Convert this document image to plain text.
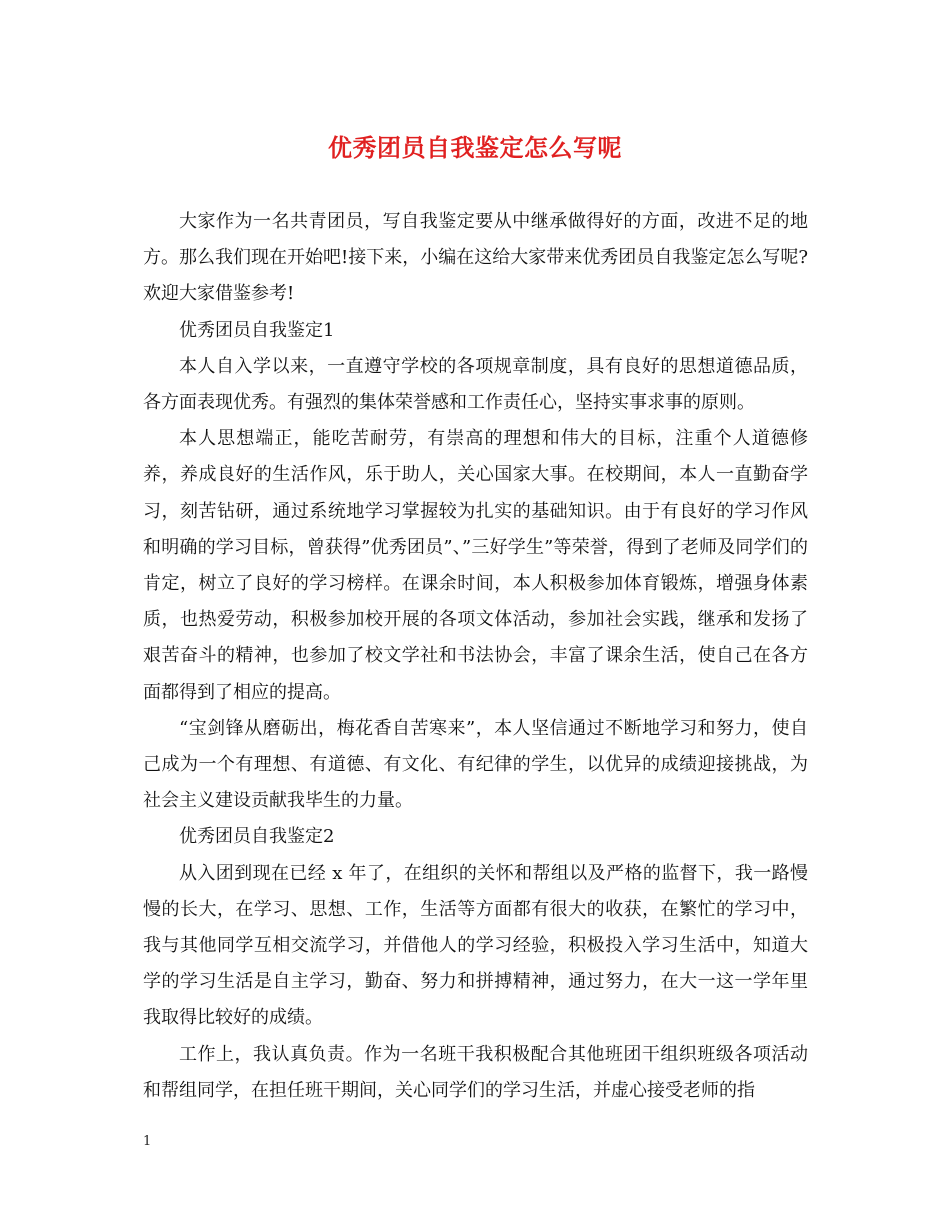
优秀团员自我鉴定怎么写呢

大家作为一名共青团员，写自我鉴定要从中继承做得好的方面，改进不足的地方。那么我们现在开始吧!接下来，小编在这给大家带来优秀团员自我鉴定怎么写呢?欢迎大家借鉴参考!

优秀团员自我鉴定1

本人自入学以来，一直遵守学校的各项规章制度，具有良好的思想道德品质，各方面表现优秀。有强烈的集体荣誉感和工作责任心，坚持实事求事的原则。

本人思想端正，能吃苦耐劳，有崇高的理想和伟大的目标，注重个人道德修养，养成良好的生活作风，乐于助人，关心国家大事。在校期间，本人一直勤奋学习，刻苦钻研，通过系统地学习掌握较为扎实的基础知识。由于有良好的学习作风和明确的学习目标，曾获得”优秀团员”、”三好学生”等荣誉，得到了老师及同学们的肯定，树立了良好的学习榜样。在课余时间，本人积极参加体育锻炼，增强身体素质，也热爱劳动，积极参加校开展的各项文体活动，参加社会实践，继承和发扬了艰苦奋斗的精神，也参加了校文学社和书法协会，丰富了课余生活，使自己在各方面都得到了相应的提高。

“宝剑锋从磨砺出，梅花香自苦寒来”，本人坚信通过不断地学习和努力，使自己成为一个有理想、有道德、有文化、有纪律的学生，以优异的成绩迎接挑战，为社会主义建设贡献我毕生的力量。

优秀团员自我鉴定2

从入团到现在已经 x 年了，在组织的关怀和帮组以及严格的监督下，我一路慢慢的长大，在学习、思想、工作，生活等方面都有很大的收获，在繁忙的学习中，我与其他同学互相交流学习，并借他人的学习经验，积极投入学习生活中，知道大学的学习生活是自主学习，勤奋、努力和拼搏精神，通过努力，在大一这一学年里我取得比较好的成绩。

工作上，我认真负责。作为一名班干我积极配合其他班团干组织班级各项活动和帮组同学，在担任班干期间，关心同学们的学习生活，并虚心接受老师的指

1
